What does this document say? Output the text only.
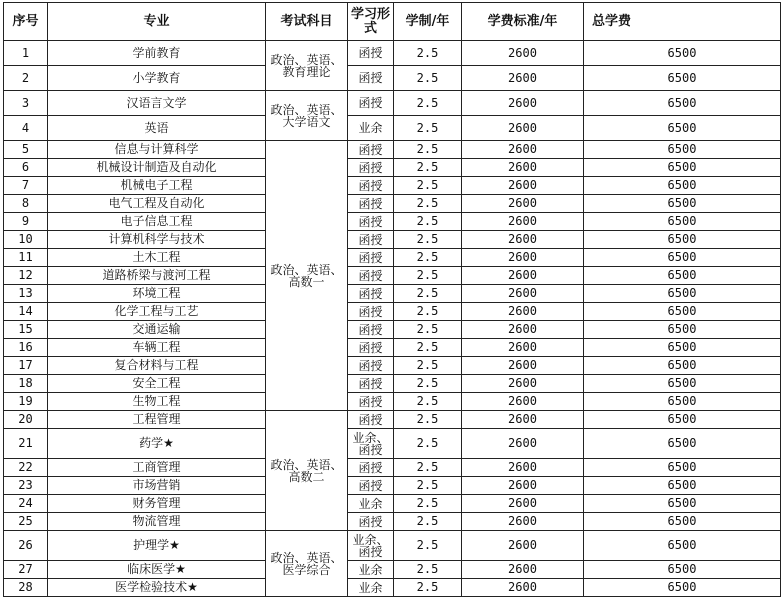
序号	专业	考试科目	学习形式	学制/年	学费标准/年	总学费
1	学前教育	政治、英语、教育理论	函授	2.5	2600	6500
2	小学教育		函授	2.5	2600	6500
3	汉语言文学	政治、英语、大学语文	函授	2.5	2600	6500
4	英语		业余	2.5	2600	6500
5	信息与计算科学	政治、英语、高数一	函授	2.5	2600	6500
6	机械设计制造及自动化		函授	2.5	2600	6500
7	机械电子工程		函授	2.5	2600	6500
8	电气工程及自动化		函授	2.5	2600	6500
9	电子信息工程		函授	2.5	2600	6500
10	计算机科学与技术		函授	2.5	2600	6500
11	土木工程		函授	2.5	2600	6500
12	道路桥梁与渡河工程		函授	2.5	2600	6500
13	环境工程		函授	2.5	2600	6500
14	化学工程与工艺		函授	2.5	2600	6500
15	交通运输		函授	2.5	2600	6500
16	车辆工程		函授	2.5	2600	6500
17	复合材料与工程		函授	2.5	2600	6500
18	安全工程		函授	2.5	2600	6500
19	生物工程		函授	2.5	2600	6500
20	工程管理	政治、英语、高数二	函授	2.5	2600	6500
21	药学★		业余、函授	2.5	2600	6500
22	工商管理		函授	2.5	2600	6500
23	市场营销		函授	2.5	2600	6500
24	财务管理		业余	2.5	2600	6500
25	物流管理		函授	2.5	2600	6500
26	护理学★	政治、英语、医学综合	业余、函授	2.5	2600	6500
27	临床医学★		业余	2.5	2600	6500
28	医学检验技术★		业余	2.5	2600	6500
